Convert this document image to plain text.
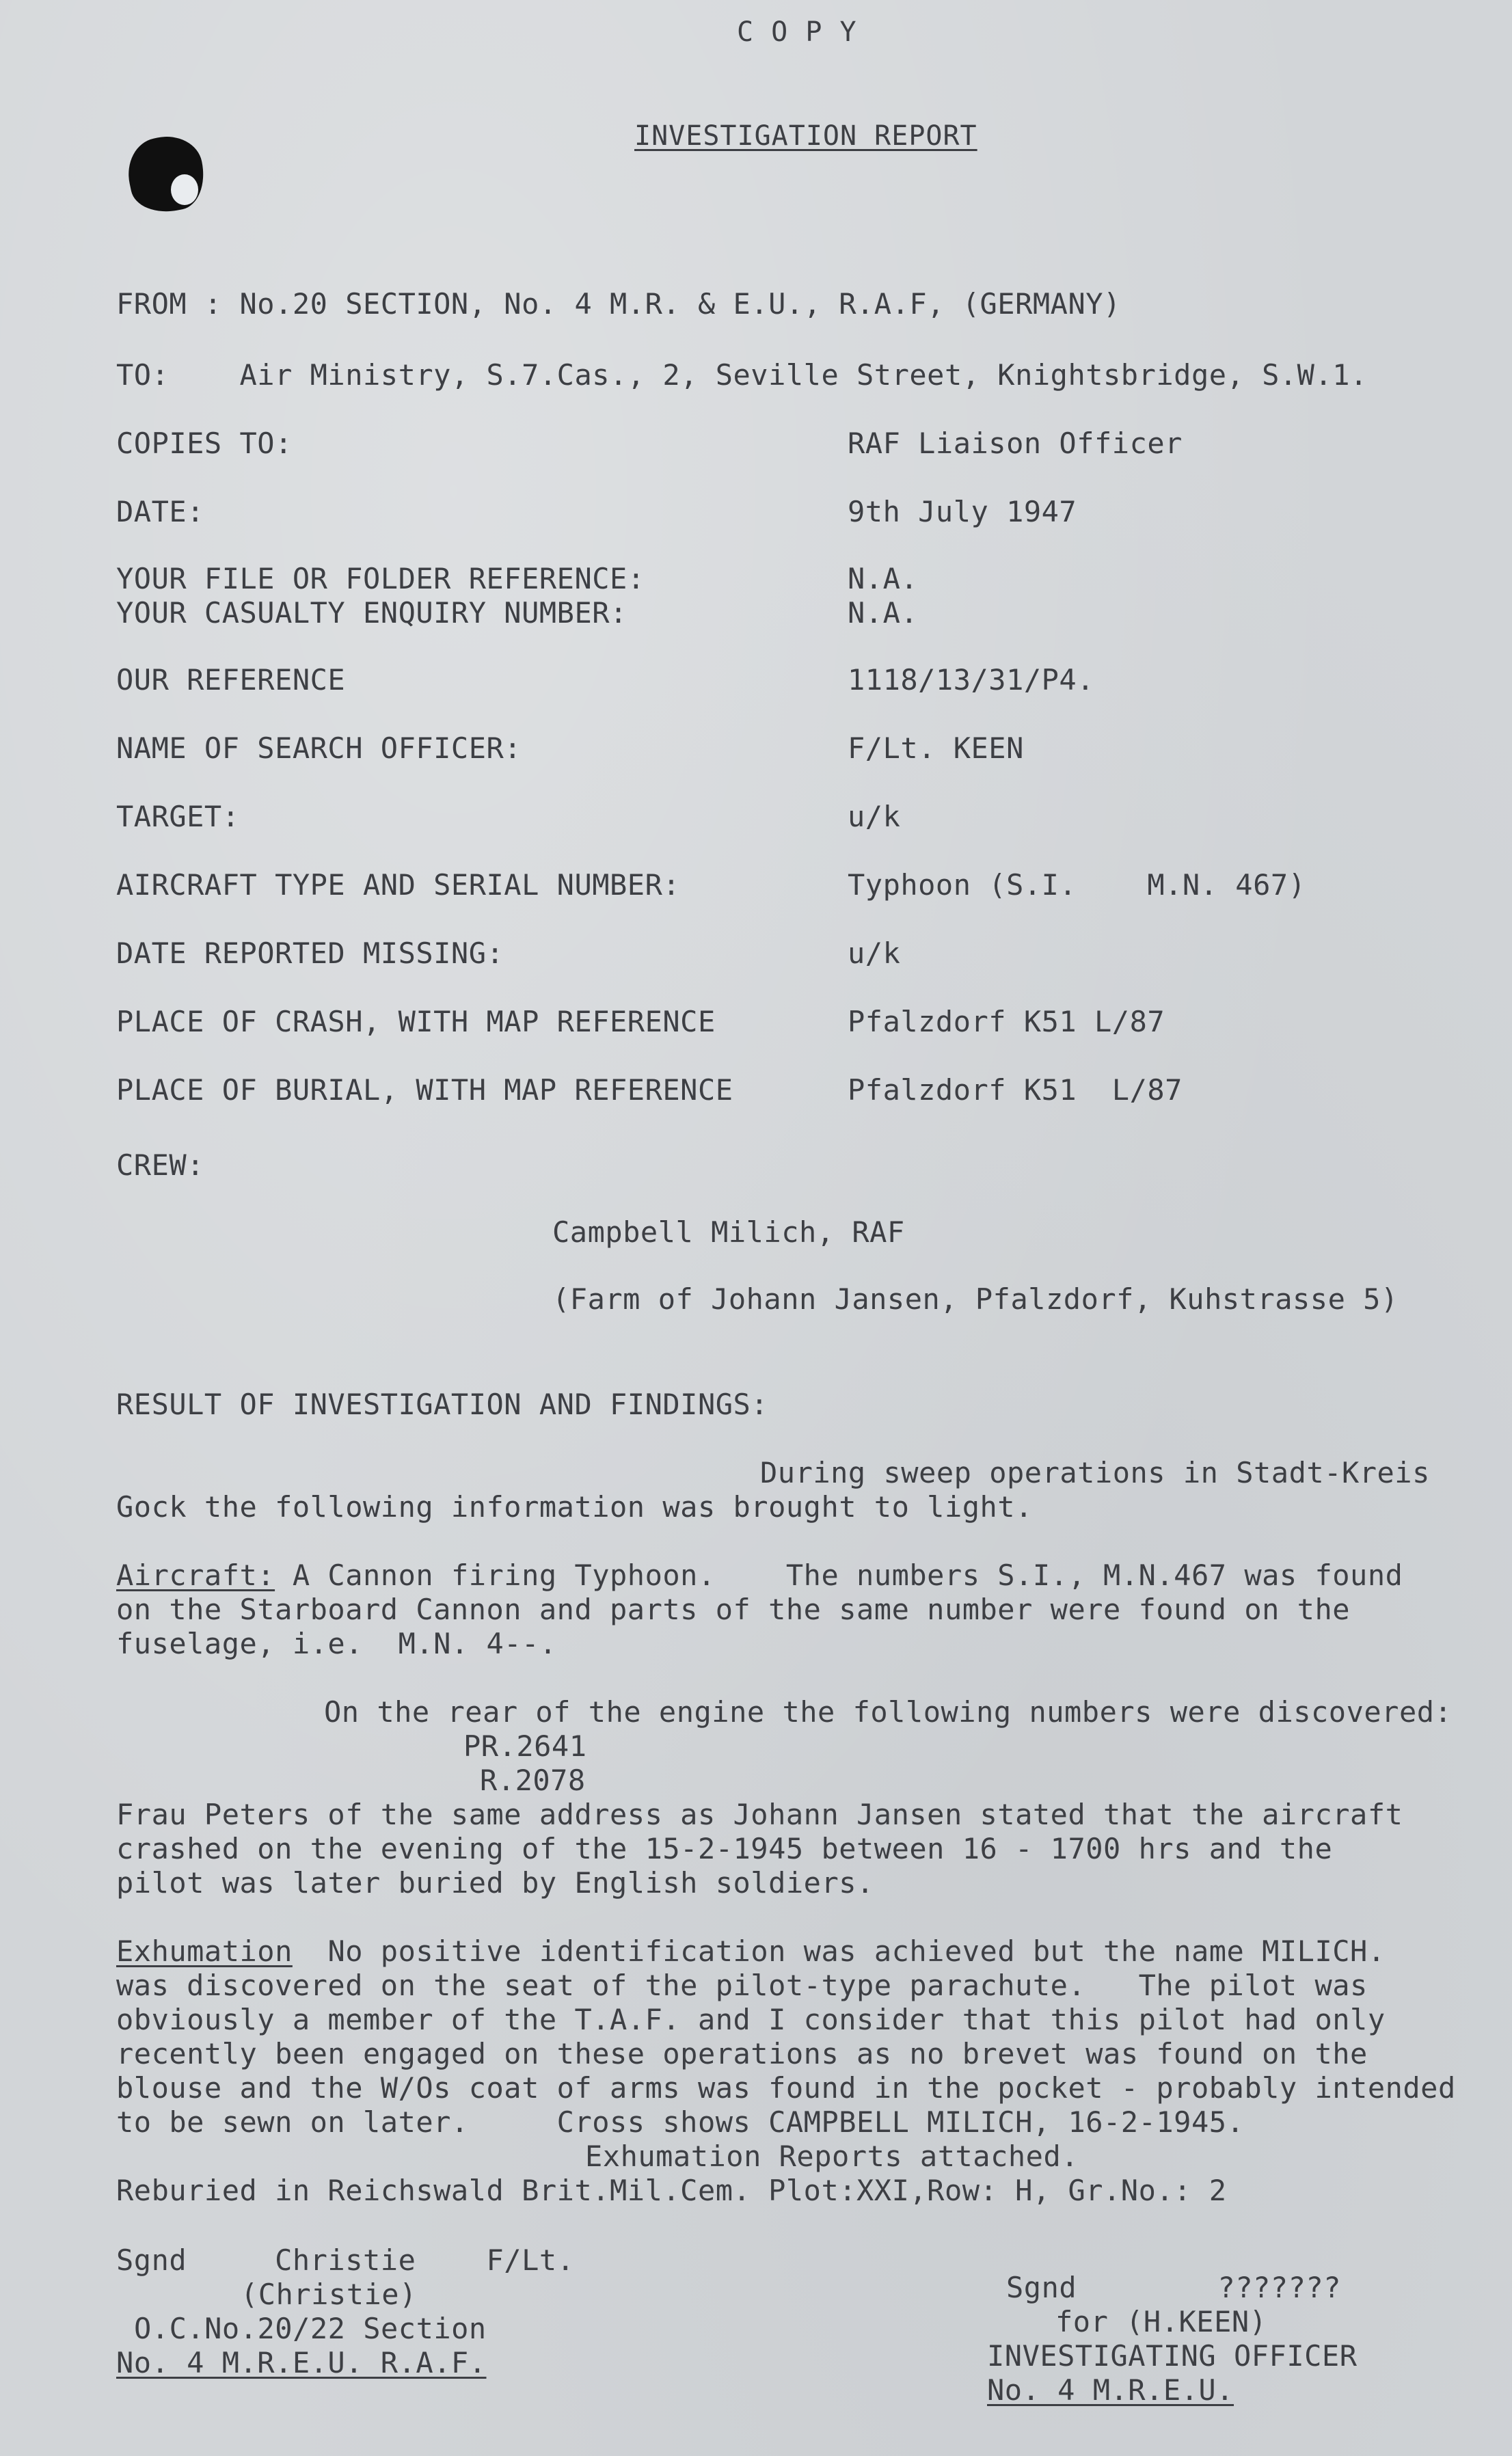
C O P Y
INVESTIGATION REPORT
FROM : No.20 SECTION, No. 4 M.R. & E.U., R.A.F, (GERMANY)
TO:    Air Ministry, S.7.Cas., 2, Seville Street, Knightsbridge, S.W.1.
COPIES TO:	RAF Liaison Officer
DATE:	9th July 1947
YOUR FILE OR FOLDER REFERENCE:	N.A.
YOUR CASUALTY ENQUIRY NUMBER:	N.A.
OUR REFERENCE	1118/13/31/P4.
NAME OF SEARCH OFFICER:	F/Lt. KEEN
TARGET:	u/k
AIRCRAFT TYPE AND SERIAL NUMBER:	Typhoon (S.I.    M.N. 467)
DATE REPORTED MISSING:	u/k
PLACE OF CRASH, WITH MAP REFERENCE	Pfalzdorf K51 L/87
PLACE OF BURIAL, WITH MAP REFERENCE	Pfalzdorf K51  L/87
CREW:
Campbell Milich, RAF
(Farm of Johann Jansen, Pfalzdorf, Kuhstrasse 5)
RESULT OF INVESTIGATION AND FINDINGS:
During sweep operations in Stadt-Kreis
Gock the following information was brought to light.
Aircraft: A Cannon firing Typhoon.    The numbers S.I., M.N.467 was found
on the Starboard Cannon and parts of the same number were found on the
fuselage, i.e.  M.N. 4--.
On the rear of the engine the following numbers were discovered:
PR.2641
R.2078
Frau Peters of the same address as Johann Jansen stated that the aircraft
crashed on the evening of the 15-2-1945 between 16 - 1700 hrs and the
pilot was later buried by English soldiers.
Exhumation  No positive identification was achieved but the name MILICH.
was discovered on the seat of the pilot-type parachute.   The pilot was
obviously a member of the T.A.F. and I consider that this pilot had only
recently been engaged on these operations as no brevet was found on the
blouse and the W/Os coat of arms was found in the pocket - probably intended
to be sewn on later.     Cross shows CAMPBELL MILICH, 16-2-1945.
Exhumation Reports attached.
Reburied in Reichswald Brit.Mil.Cem. Plot:XXI,Row: H, Gr.No.: 2
Sgnd     Christie    F/Lt.
(Christie)
O.C.No.20/22 Section
No. 4 M.R.E.U. R.A.F.
Sgnd        ???????
for (H.KEEN)
INVESTIGATING OFFICER
No. 4 M.R.E.U.
